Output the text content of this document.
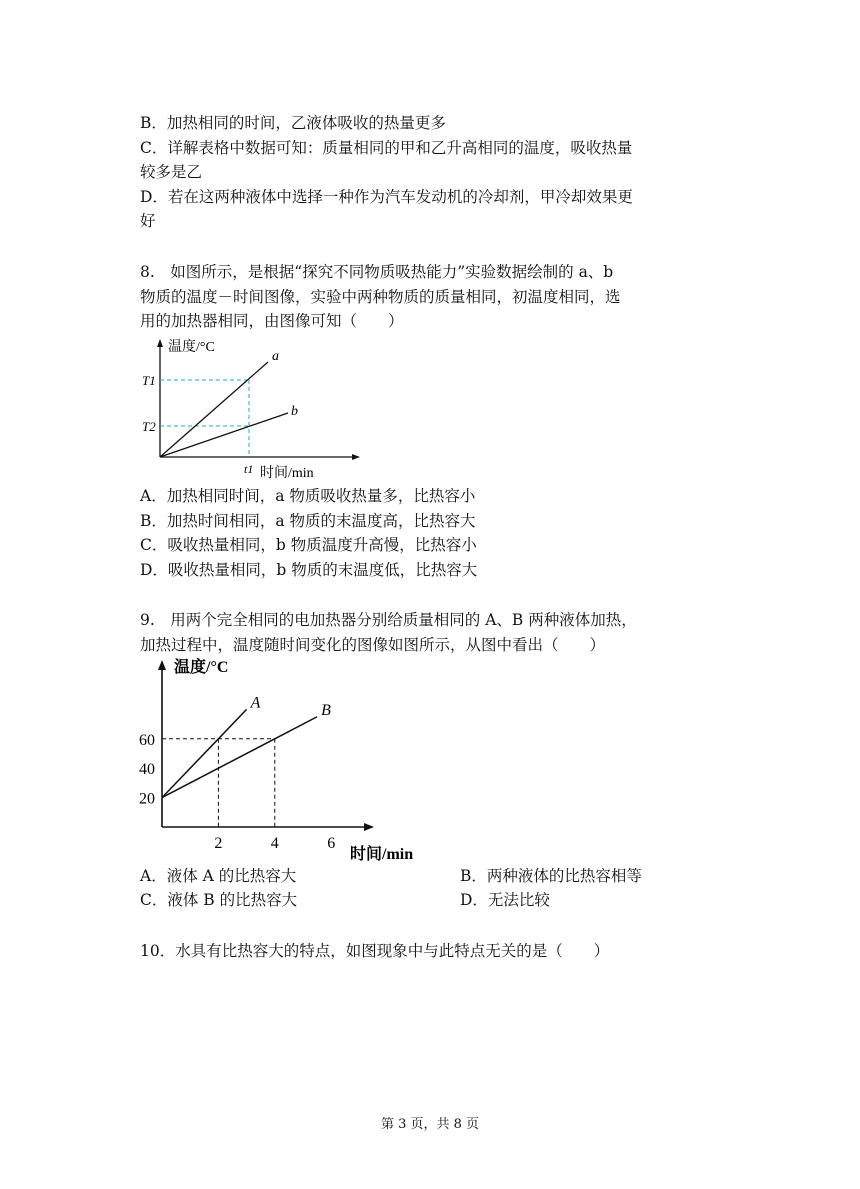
B．加热相同的时间，乙液体吸收的热量更多
C．详解表格中数据可知：质量相同的甲和乙升高相同的温度，吸收热量
较多是乙
D．若在这两种液体中选择一种作为汽车发动机的冷却剂，甲冷却效果更
好
8.　如图所示，是根据“探究不同物质吸热能力”实验数据绘制的 a、b
物质的温度－时间图像，实验中两种物质的质量相同，初温度相同，选
用的加热器相同，由图像可知（　　）
温度/°C
时间/min
a
b
T1
T2
t1
A．加热相同时间，a 物质吸收热量多，比热容小
B．加热时间相同，a 物质的末温度高，比热容大
C．吸收热量相同，b 物质温度升高慢，比热容小
D．吸收热量相同，b 物质的末温度低，比热容大
9.　用两个完全相同的电加热器分别给质量相同的 A、B 两种液体加热，
加热过程中，温度随时间变化的图像如图所示，从图中看出（　　）
A	B
20
40
60
2	4	6
温度/°C
时间/min
A．液体 A 的比热容大	B．两种液体的比热容相等
C．液体 B 的比热容大	D．无法比较
10．水具有比热容大的特点，如图现象中与此特点无关的是（　　）
第 3 页，共 8 页
